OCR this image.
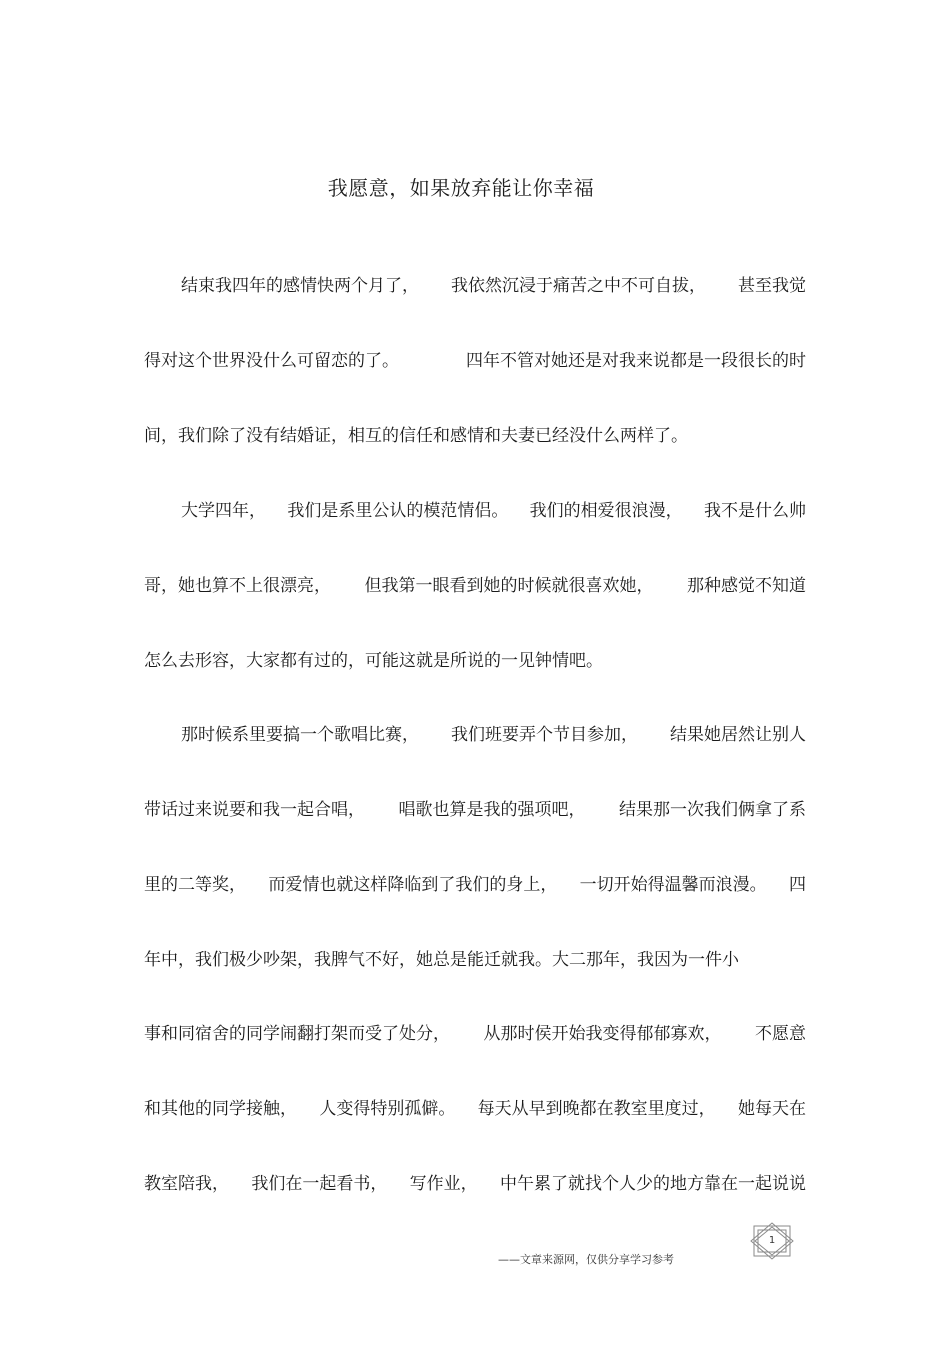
我愿意，如果放弃能让你幸福
结束我四年的感情快两个月了， 我依然沉浸于痛苦之中不可自拔， 甚至我觉
得对这个世界没什么可留恋的了。	四年不管对她还是对我来说都是一段很长的时
间，我们除了没有结婚证，相互的信任和感情和夫妻已经没什么两样了。
大学四年， 我们是系里公认的模范情侣。 我们的相爱很浪漫， 我不是什么帅
哥，她也算不上很漂亮， 但我第一眼看到她的时候就很喜欢她， 那种感觉不知道
怎么去形容，大家都有过的，可能这就是所说的一见钟情吧。
那时候系里要搞一个歌唱比赛， 我们班要弄个节目参加， 结果她居然让别人
带话过来说要和我一起合唱， 唱歌也算是我的强项吧， 结果那一次我们俩拿了系
里的二等奖， 而爱情也就这样降临到了我们的身上， 一切开始得温馨而浪漫。 四
年中，我们极少吵架，我脾气不好，她总是能迁就我。大二那年，我因为一件小
事和同宿舍的同学闹翻打架而受了处分， 从那时侯开始我变得郁郁寡欢， 不愿意
和其他的同学接触， 人变得特别孤僻。 每天从早到晚都在教室里度过， 她每天在
教室陪我， 我们在一起看书， 写作业， 中午累了就找个人少的地方靠在一起说说
——文章来源网，仅供分享学习参考
1
